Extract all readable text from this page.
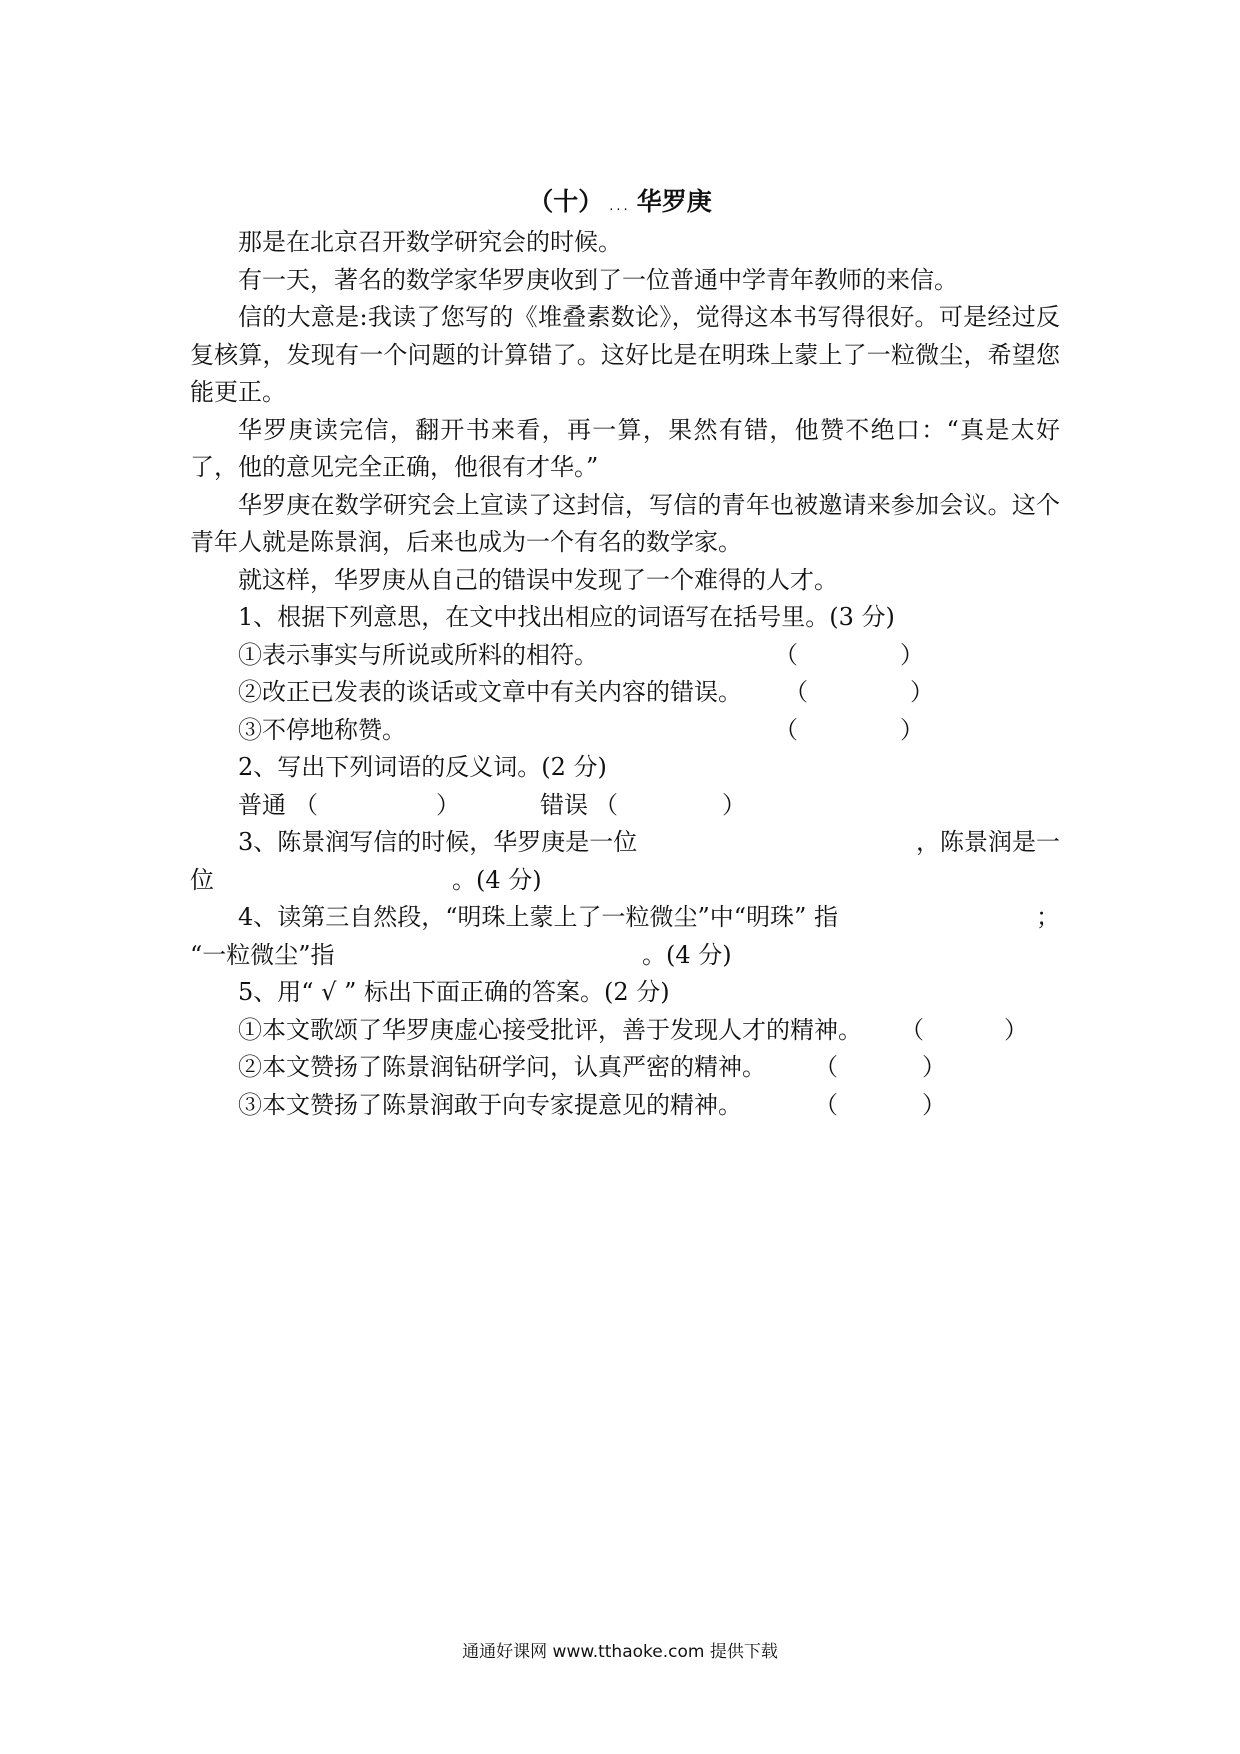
（十） ... 华罗庚

那是在北京召开数学研究会的时候。

有一天，著名的数学家华罗庚收到了一位普通中学青年教师的来信。

信的大意是:我读了您写的《堆叠素数论》，觉得这本书写得很好。可是经过反复核算，发现有一个问题的计算错了。这好比是在明珠上蒙上了一粒微尘，希望您能更正。

华罗庚读完信，翻开书来看，再一算，果然有错，他赞不绝口：“真是太好了，他的意见完全正确，他很有才华。”

华罗庚在数学研究会上宣读了这封信，写信的青年也被邀请来参加会议。这个青年人就是陈景润，后来也成为一个有名的数学家。

就这样，华罗庚从自己的错误中发现了一个难得的人才。

1、根据下列意思，在文中找出相应的词语写在括号里。(3 分)
①表示事实与所说或所料的相符。	（	）
②改正已发表的谈话或文章中有关内容的错误。 （	）
③不停地称赞。	（	）
2、写出下列词语的反义词。(2 分)
普通 （	）	错误 （	）
3、陈景润写信的时候，华罗庚是一位	，陈景润是一
位	。(4 分)
4、读第三自然段，“明珠上蒙上了一粒微尘”中“明珠” 指	；
“一粒微尘”指	。(4 分)
5、用“ √ ” 标出下面正确的答案。(2 分)
①本文歌颂了华罗庚虚心接受批评，善于发现人才的精神。 （	）
②本文赞扬了陈景润钻研学问，认真严密的精神。 （	）
③本文赞扬了陈景润敢于向专家提意见的精神。	（	）
通通好课网 www.tthaoke.com 提供下载
